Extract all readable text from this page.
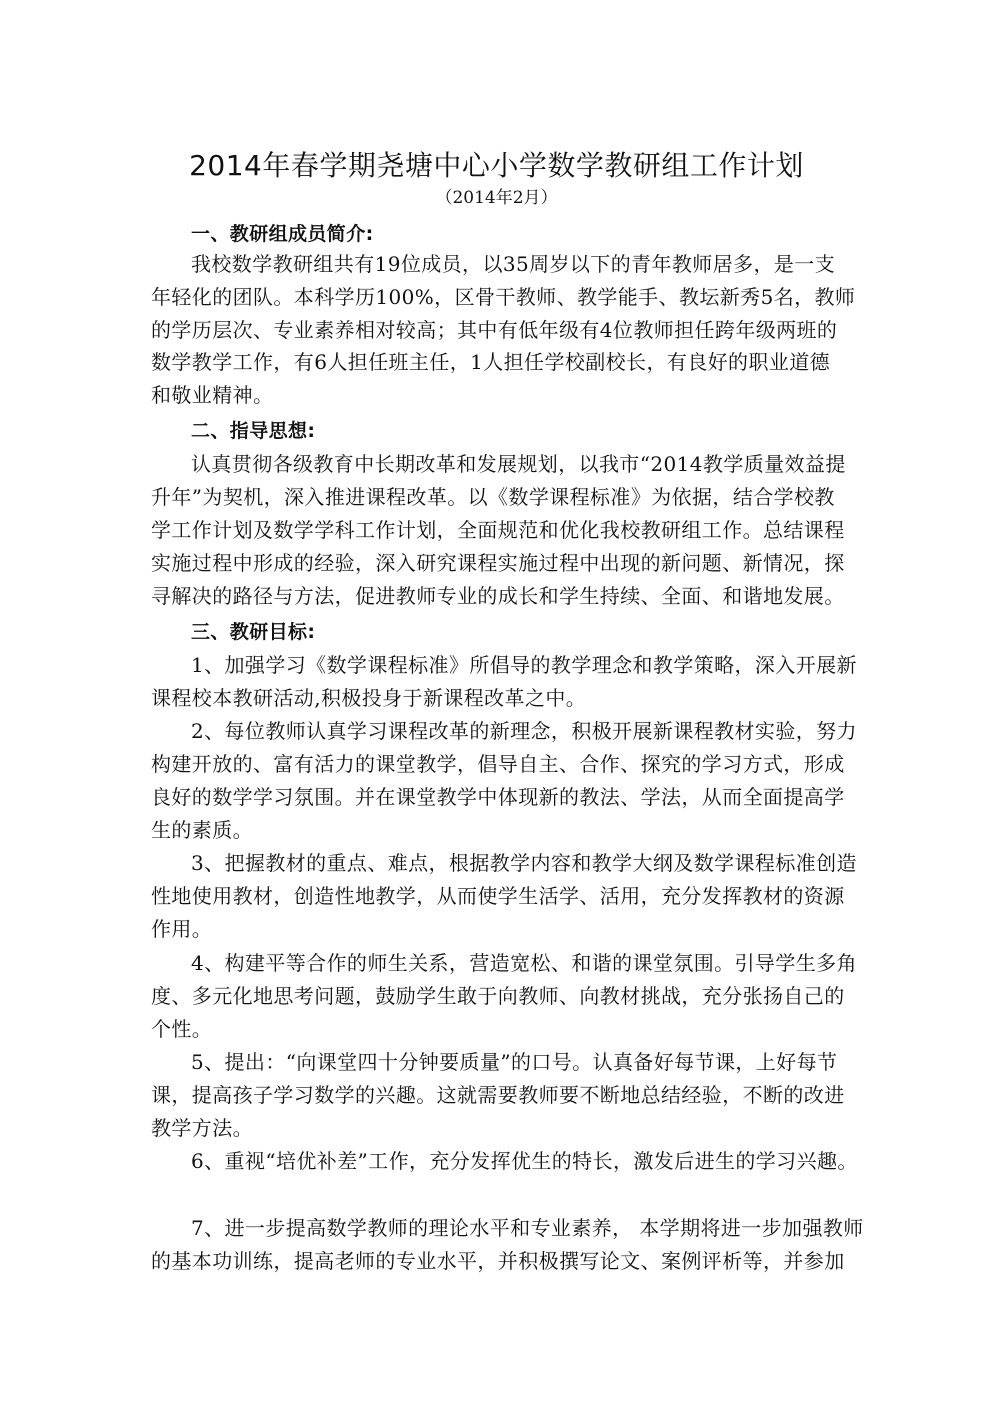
2014年春学期尧塘中心小学数学教研组工作计划
（2014年2月）
一、教研组成员简介:
我校数学教研组共有19位成员，以35周岁以下的青年教师居多，是一支
年轻化的团队。本科学历100%，区骨干教师、教学能手、教坛新秀5名，教师
的学历层次、专业素养相对较高；其中有低年级有4位教师担任跨年级两班的
数学教学工作，有6人担任班主任，1人担任学校副校长，有良好的职业道德
和敬业精神。
二、指导思想:
认真贯彻各级教育中长期改革和发展规划，以我市“2014教学质量效益提
升年”为契机，深入推进课程改革。以《数学课程标准》为依据，结合学校教
学工作计划及数学学科工作计划，全面规范和优化我校教研组工作。总结课程
实施过程中形成的经验，深入研究课程实施过程中出现的新问题、新情况，探
寻解决的路径与方法，促进教师专业的成长和学生持续、全面、和谐地发展。
三、教研目标:
1、加强学习《数学课程标准》所倡导的教学理念和教学策略，深入开展新
课程校本教研活动,积极投身于新课程改革之中。
2、每位教师认真学习课程改革的新理念，积极开展新课程教材实验，努力
构建开放的、富有活力的课堂教学，倡导自主、合作、探究的学习方式，形成
良好的数学学习氛围。并在课堂教学中体现新的教法、学法，从而全面提高学
生的素质。
3、把握教材的重点、难点，根据教学内容和教学大纲及数学课程标准创造
性地使用教材，创造性地教学，从而使学生活学、活用，充分发挥教材的资源
作用。
4、构建平等合作的师生关系，营造宽松、和谐的课堂氛围。引导学生多角
度、多元化地思考问题，鼓励学生敢于向教师、向教材挑战，充分张扬自己的
个性。
5、提出：“向课堂四十分钟要质量”的口号。认真备好每节课，上好每节
课，提高孩子学习数学的兴趣。这就需要教师要不断地总结经验，不断的改进
教学方法。
6、重视“培优补差”工作，充分发挥优生的特长，激发后进生的学习兴趣。
7、进一步提高数学教师的理论水平和专业素养， 本学期将进一步加强教师
的基本功训练，提高老师的专业水平，并积极撰写论文、案例评析等，并参加
